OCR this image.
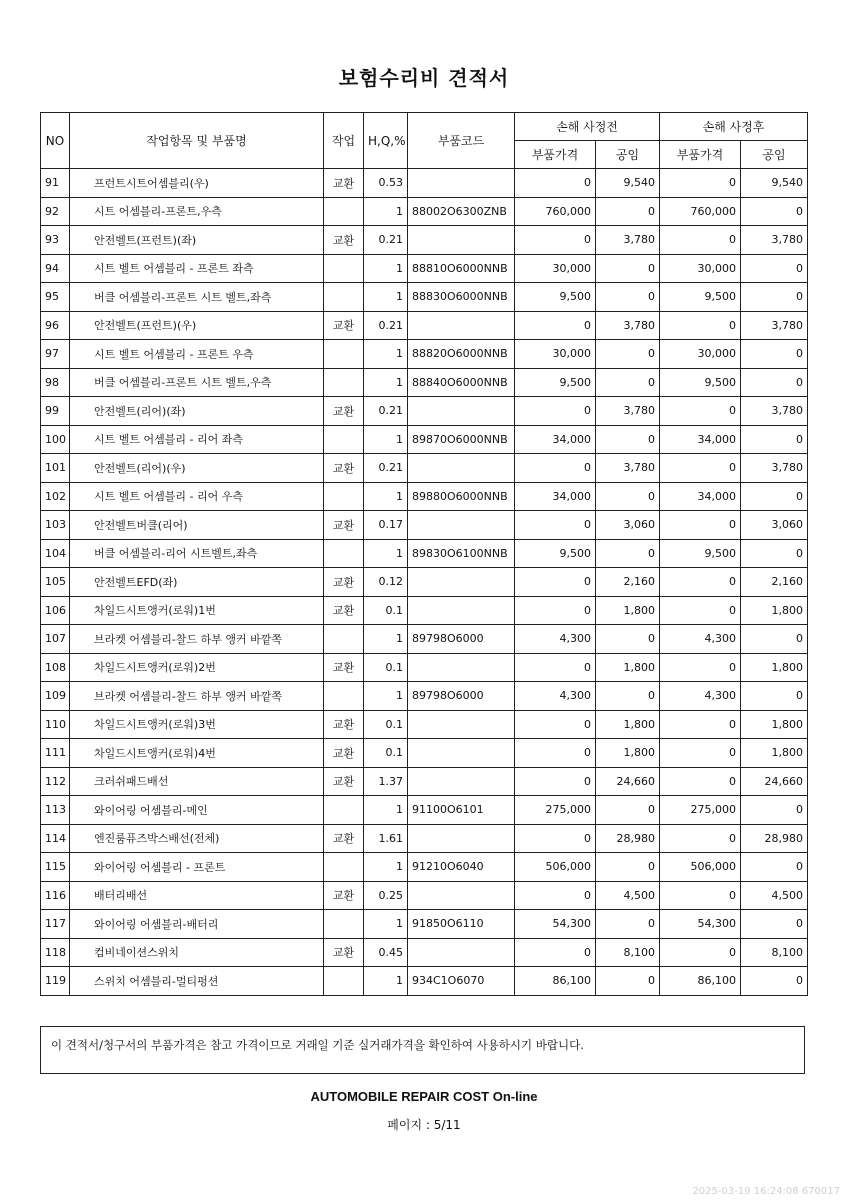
보험수리비 견적서
NO	작업항목 및 부품명	작업	H,Q,%	부품코드	손해 사정전		손해 사정후	
					부품가격	공임	부품가격	공임
91	프런트시트어셈블리(우)	교환	0.53		0	9,540	0	9,540
92	시트 어셈블리-프론트,우측		1	88002O6300ZNB	760,000	0	760,000	0
93	안전벨트(프런트)(좌)	교환	0.21		0	3,780	0	3,780
94	시트 벨트 어셈블리 - 프론트 좌측		1	88810O6000NNB	30,000	0	30,000	0
95	버클 어셈블리-프론트 시트 벨트,좌측		1	88830O6000NNB	9,500	0	9,500	0
96	안전벨트(프런트)(우)	교환	0.21		0	3,780	0	3,780
97	시트 벨트 어셈블리 - 프론트 우측		1	88820O6000NNB	30,000	0	30,000	0
98	버클 어셈블리-프론트 시트 벨트,우측		1	88840O6000NNB	9,500	0	9,500	0
99	안전벨트(리어)(좌)	교환	0.21		0	3,780	0	3,780
100	시트 벨트 어셈블리 - 리어 좌측		1	89870O6000NNB	34,000	0	34,000	0
101	안전벨트(리어)(우)	교환	0.21		0	3,780	0	3,780
102	시트 벨트 어셈블리 - 리어 우측		1	89880O6000NNB	34,000	0	34,000	0
103	안전벨트버클(리어)	교환	0.17		0	3,060	0	3,060
104	버클 어셈블리-리어 시트벨트,좌측		1	89830O6100NNB	9,500	0	9,500	0
105	안전벨트EFD(좌)	교환	0.12		0	2,160	0	2,160
106	차일드시트앵커(로워)1번	교환	0.1		0	1,800	0	1,800
107	브라켓 어셈블리-찰드 하부 앵커 바깥쪽		1	89798O6000	4,300	0	4,300	0
108	차일드시트앵커(로워)2번	교환	0.1		0	1,800	0	1,800
109	브라켓 어셈블리-찰드 하부 앵커 바깥쪽		1	89798O6000	4,300	0	4,300	0
110	차일드시트앵커(로워)3번	교환	0.1		0	1,800	0	1,800
111	차일드시트앵커(로워)4번	교환	0.1		0	1,800	0	1,800
112	크러쉬패드배선	교환	1.37		0	24,660	0	24,660
113	와이어링 어셈블리-메인		1	91100O6101	275,000	0	275,000	0
114	엔진룸퓨즈박스배선(전체)	교환	1.61		0	28,980	0	28,980
115	와이어링 어셈블리 - 프론트		1	91210O6040	506,000	0	506,000	0
116	배터리배선	교환	0.25		0	4,500	0	4,500
117	와이어링 어셈블리-배터리		1	91850O6110	54,300	0	54,300	0
118	컴비네이션스위치	교환	0.45		0	8,100	0	8,100
119	스위치 어셈블리-멀티펑션		1	934C1O6070	86,100	0	86,100	0
이 견적서/청구서의 부품가격은 참고 가격이므로 거래일 기준 실거래가격을 확인하여 사용하시기 바랍니다.
AUTOMOBILE REPAIR COST On-line
페이지 : 5/11
2025-03-19 16:24:08 670017
